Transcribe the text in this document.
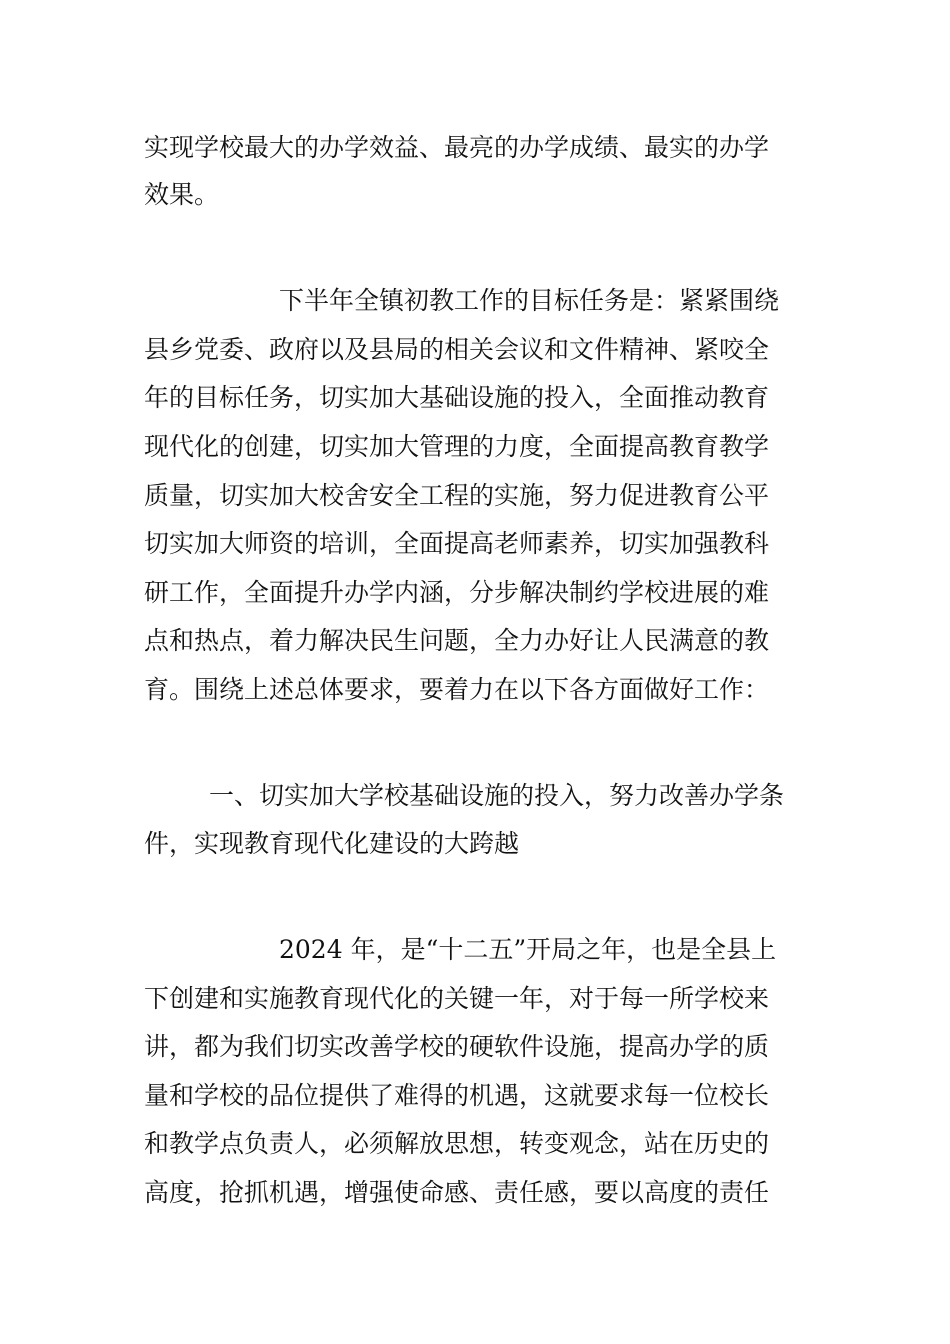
实现学校最大的办学效益、最亮的办学成绩、最实的办学

效果。

下半年全镇初教工作的目标任务是：紧紧围绕

县乡党委、政府以及县局的相关会议和文件精神、紧咬全

年的目标任务，切实加大基础设施的投入，全面推动教育

现代化的创建，切实加大管理的力度，全面提高教育教学

质量，切实加大校舍安全工程的实施，努力促进教育公平

切实加大师资的培训，全面提高老师素养，切实加强教科

研工作，全面提升办学内涵，分步解决制约学校进展的难

点和热点，着力解决民生问题，全力办好让人民满意的教

育。围绕上述总体要求，要着力在以下各方面做好工作：

一、切实加大学校基础设施的投入，努力改善办学条

件，实现教育现代化建设的大跨越

2024 年，是“十二五”开局之年，也是全县上

下创建和实施教育现代化的关键一年，对于每一所学校来

讲，都为我们切实改善学校的硬软件设施，提高办学的质

量和学校的品位提供了难得的机遇，这就要求每一位校长

和教学点负责人，必须解放思想，转变观念，站在历史的

高度，抢抓机遇，增强使命感、责任感，要以高度的责任
